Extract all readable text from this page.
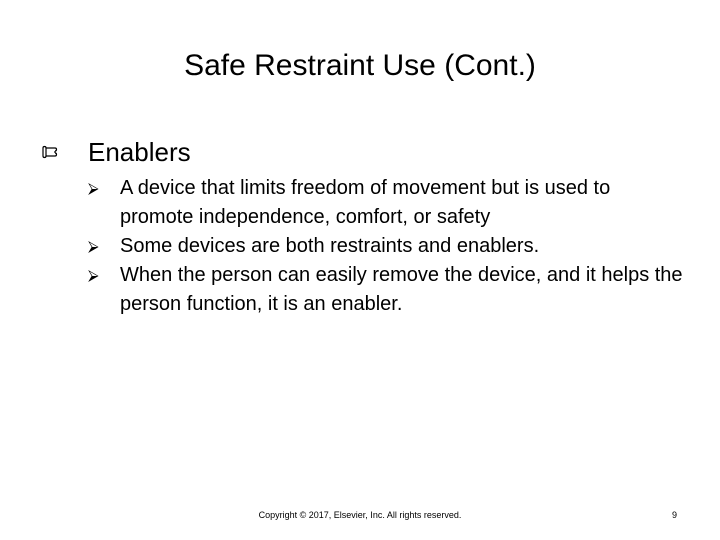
Safe Restraint Use (Cont.)
Enablers
⮚	A device that limits freedom of movement but is used to promote independence, comfort, or safety
⮚	Some devices are both restraints and enablers.
⮚	When the person can easily remove the device, and it helps the person function, it is an enabler.
Copyright © 2017, Elsevier, Inc. All rights reserved.	9
